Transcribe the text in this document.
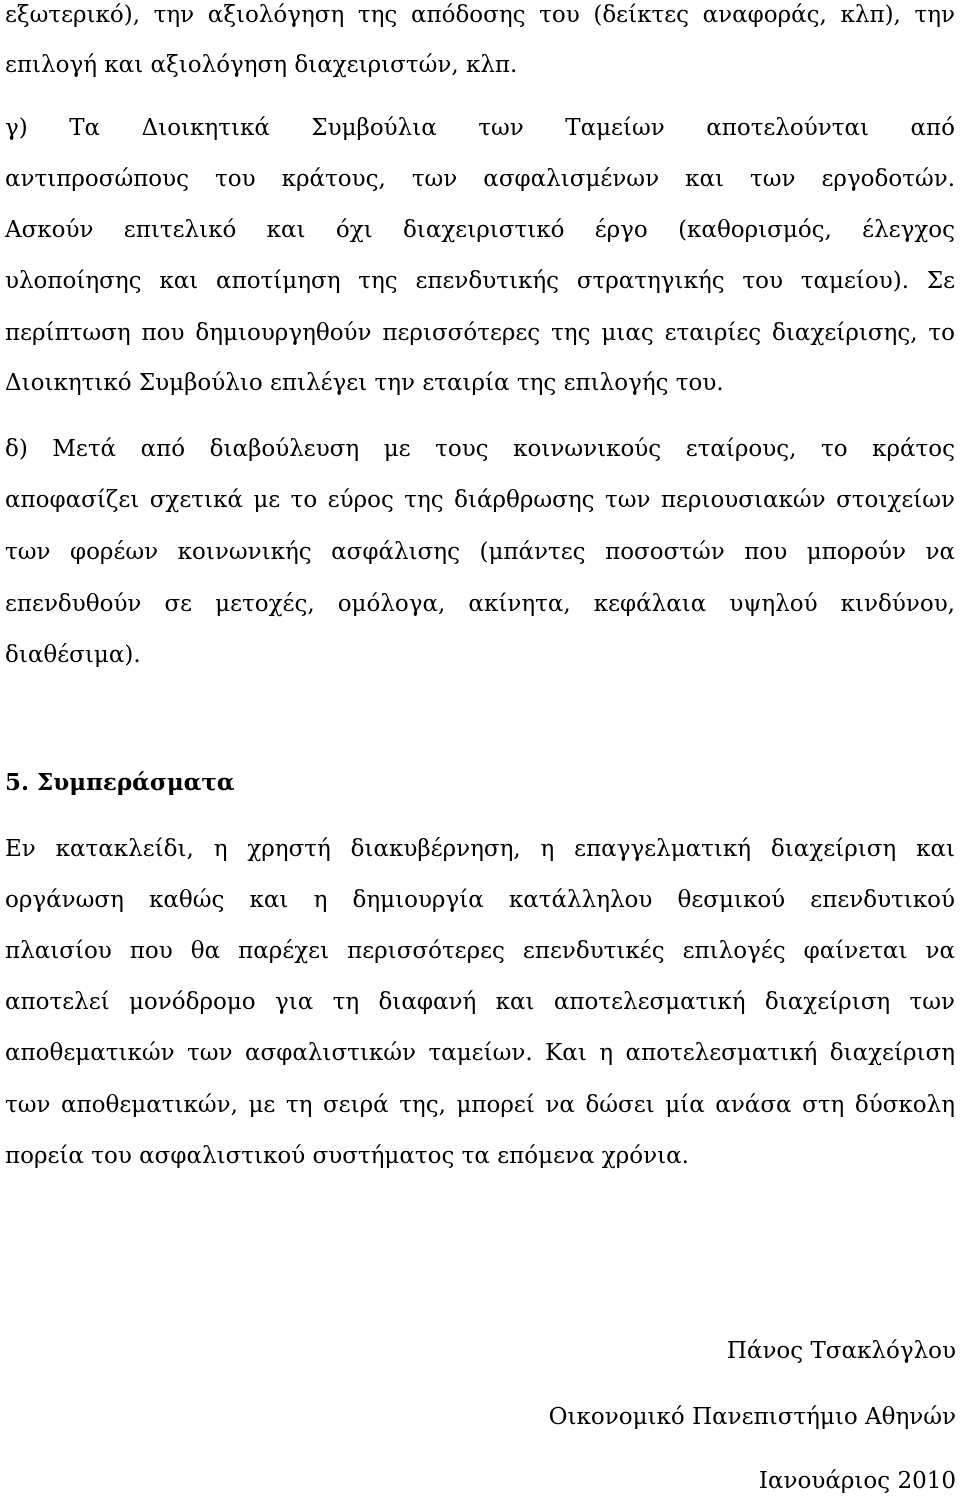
εξωτερικό), την αξιολόγηση της απόδοσης του (δείκτες αναφοράς, κλπ), την
επιλογή και αξιολόγηση διαχειριστών, κλπ.
γ) Τα Διοικητικά Συμβούλια των Ταμείων αποτελούνται από
αντιπροσώπους του κράτους, των ασφαλισμένων και των εργοδοτών.
Ασκούν επιτελικό και όχι διαχειριστικό έργο (καθορισμός, έλεγχος
υλοποίησης και αποτίμηση της επενδυτικής στρατηγικής του ταμείου). Σε
περίπτωση που δημιουργηθούν περισσότερες της μιας εταιρίες διαχείρισης, το
Διοικητικό Συμβούλιο επιλέγει την εταιρία της επιλογής του.
δ) Μετά από διαβούλευση με τους κοινωνικούς εταίρους, το κράτος
αποφασίζει σχετικά με το εύρος της διάρθρωσης των περιουσιακών στοιχείων
των φορέων κοινωνικής ασφάλισης (μπάντες ποσοστών που μπορούν να
επενδυθούν σε μετοχές, ομόλογα, ακίνητα, κεφάλαια υψηλού κινδύνου,
διαθέσιμα).
5. Συμπεράσματα
Εν κατακλείδι, η χρηστή διακυβέρνηση, η επαγγελματική διαχείριση και
οργάνωση καθώς και η δημιουργία κατάλληλου θεσμικού επενδυτικού
πλαισίου που θα παρέχει περισσότερες επενδυτικές επιλογές φαίνεται να
αποτελεί μονόδρομο για τη διαφανή και αποτελεσματική διαχείριση των
αποθεματικών των ασφαλιστικών ταμείων. Και η αποτελεσματική διαχείριση
των αποθεματικών, με τη σειρά της, μπορεί να δώσει μία ανάσα στη δύσκολη
πορεία του ασφαλιστικού συστήματος τα επόμενα χρόνια.
Πάνος Τσακλόγλου
Οικονομικό Πανεπιστήμιο Αθηνών
Ιανουάριος 2010
